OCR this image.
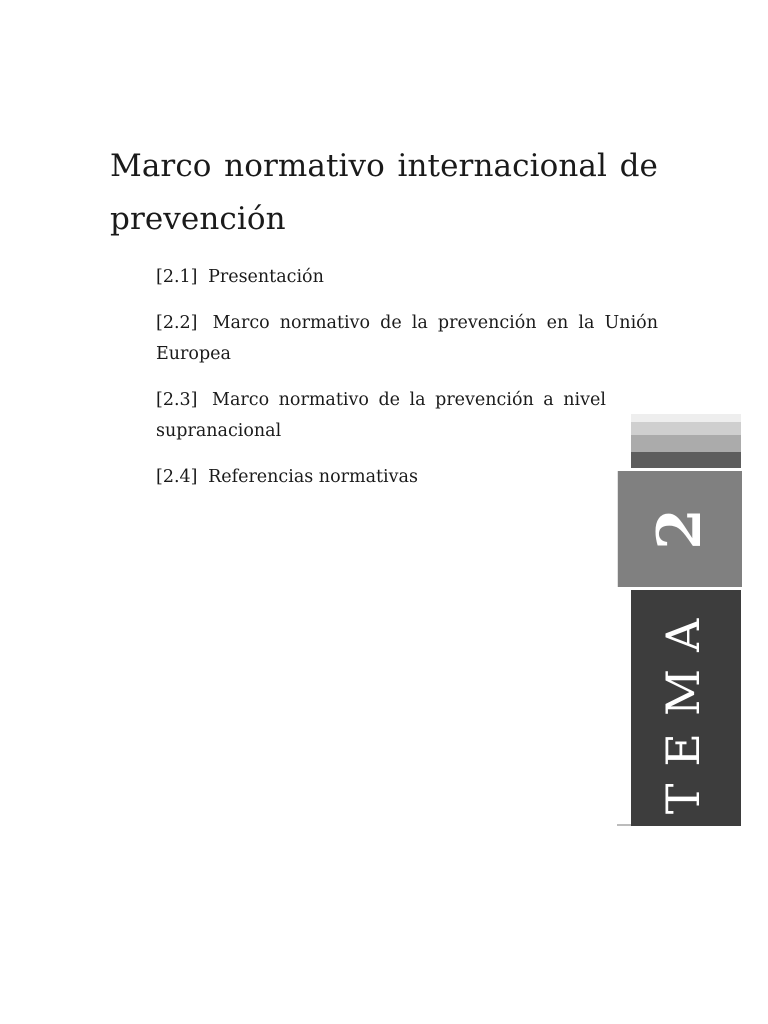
Marco normativo internacional de prevención
[2.1] Presentación
[2.2] Marco normativo de la prevención en la Unión Europea
[2.3] Marco normativo de la prevención a nivel supranacional
[2.4] Referencias normativas
2
TEMA
